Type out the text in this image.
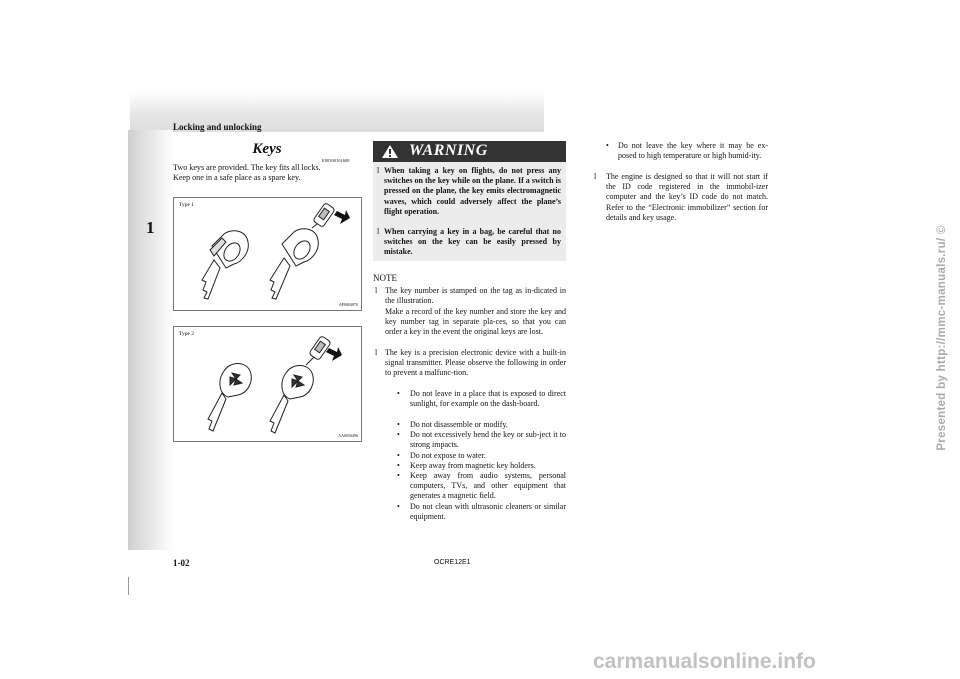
1
Locking and unlocking
Keys
E00300101608
Two keys are provided. The key fits all locks.
Keep one in a safe place as a spare key.
Type 1
AP0004870
Type 2
AA0056496
WARNING
l When taking a key on flights, do not press any switches on the key while on the plane. If a switch is pressed on the plane, the key emits electromagnetic waves, which could adversely affect the plane’s flight operation.
l When carrying a key in a bag, be careful that no switches on the key can be easily pressed by mistake.
NOTE
l The key number is stamped on the tag as in-dicated in the illustration.
Make a record of the key number and store the key and key number tag in separate pla-ces, so that you can order a key in the event the original keys are lost.
l The key is a precision electronic device with a built-in signal transmitter. Please observe the following in order to prevent a malfunc-tion.
• Do not leave in a place that is exposed to direct sunlight, for example on the dash-board.
• Do not disassemble or modify.
• Do not excessively bend the key or sub-ject it to strong impacts.
• Do not expose to water.
• Keep away from magnetic key holders.
• Keep away from audio systems, personal computers, TVs, and other equipment that generates a magnetic field.
• Do not clean with ultrasonic cleaners or similar equipment.
• Do not leave the key where it may be ex-posed to high temperature or high humid-ity.
l The engine is designed so that it will not start if the ID code registered in the immobil-izer computer and the key’s ID code do not match. Refer to the “Electronic immobilizer” section for details and key usage.
1-02	OCRE12E1
Presented by http://mmc-manuals.ru/ ©
carmanualsonline.info
